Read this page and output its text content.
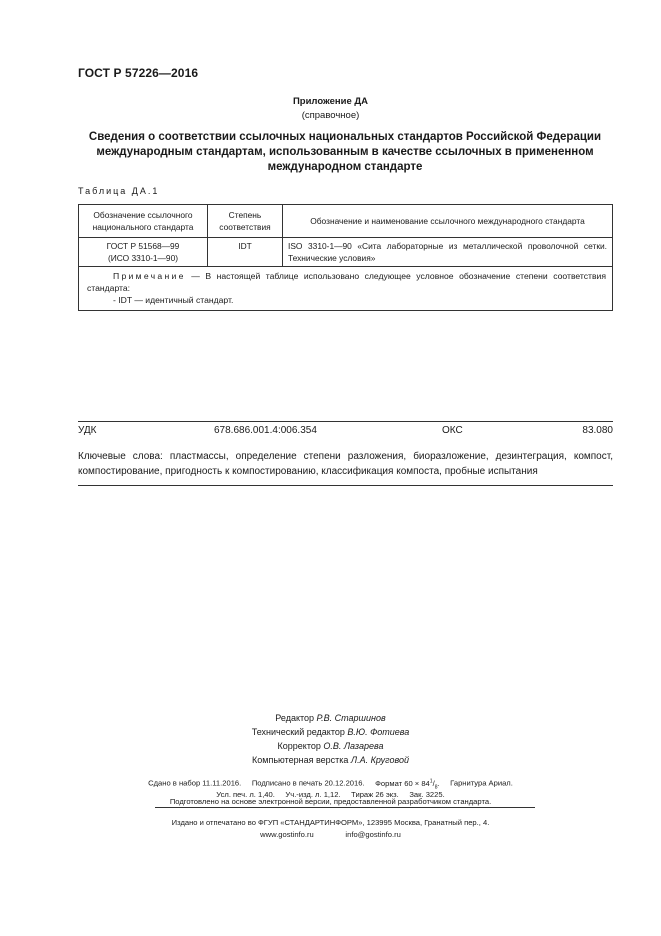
ГОСТ Р 57226—2016
Приложение ДА
(справочное)
Сведения о соответствии ссылочных национальных стандартов Российской Федерации
международным стандартам, использованным в качестве ссылочных в примененном
международном стандарте
Таблица ДА.1
Обозначение ссылочного национального стандарта	Степень соответствия	Обозначение и наименование ссылочного международного стандарта

ГОСТ Р 51568—99
(ИСО 3310-1—90)	IDT	ISO 3310-1—90 «Сита лабораторные из металлической проволочной сетки. Технические условия»

Примечание — В настоящей таблице использовано следующее условное обозначение степени соответствия стандарта:
- IDT — идентичный стандарт.		
УДК	678.686.001.4:006.354	ОКС	83.080
Ключевые слова: пластмассы, определение степени разложения, биоразложение, дезинтеграция, компост, компостирование, пригодность к компостированию, классификация компоста, пробные испытания
Редактор Р.В. Старшинов
Технический редактор В.Ю. Фотиева
Корректор О.В. Лазарева
Компьютерная верстка Л.А. Круговой
Сдано в набор 11.11.2016. Подписано в печать 20.12.2016. Формат $60 \times 84^1/_8$. Гарнитура Ариал.
Усл. печ. л. 1,40. Уч.-изд. л. 1,12. Тираж 26 экз. Зак. 3225.
Подготовлено на основе электронной версии, предоставленной разработчиком стандарта.
Издано и отпечатано во ФГУП «СТАНДАРТИНФОРМ», 123995 Москва, Гранатный пер., 4.
www.gostinfo.ru	info@gostinfo.ru
